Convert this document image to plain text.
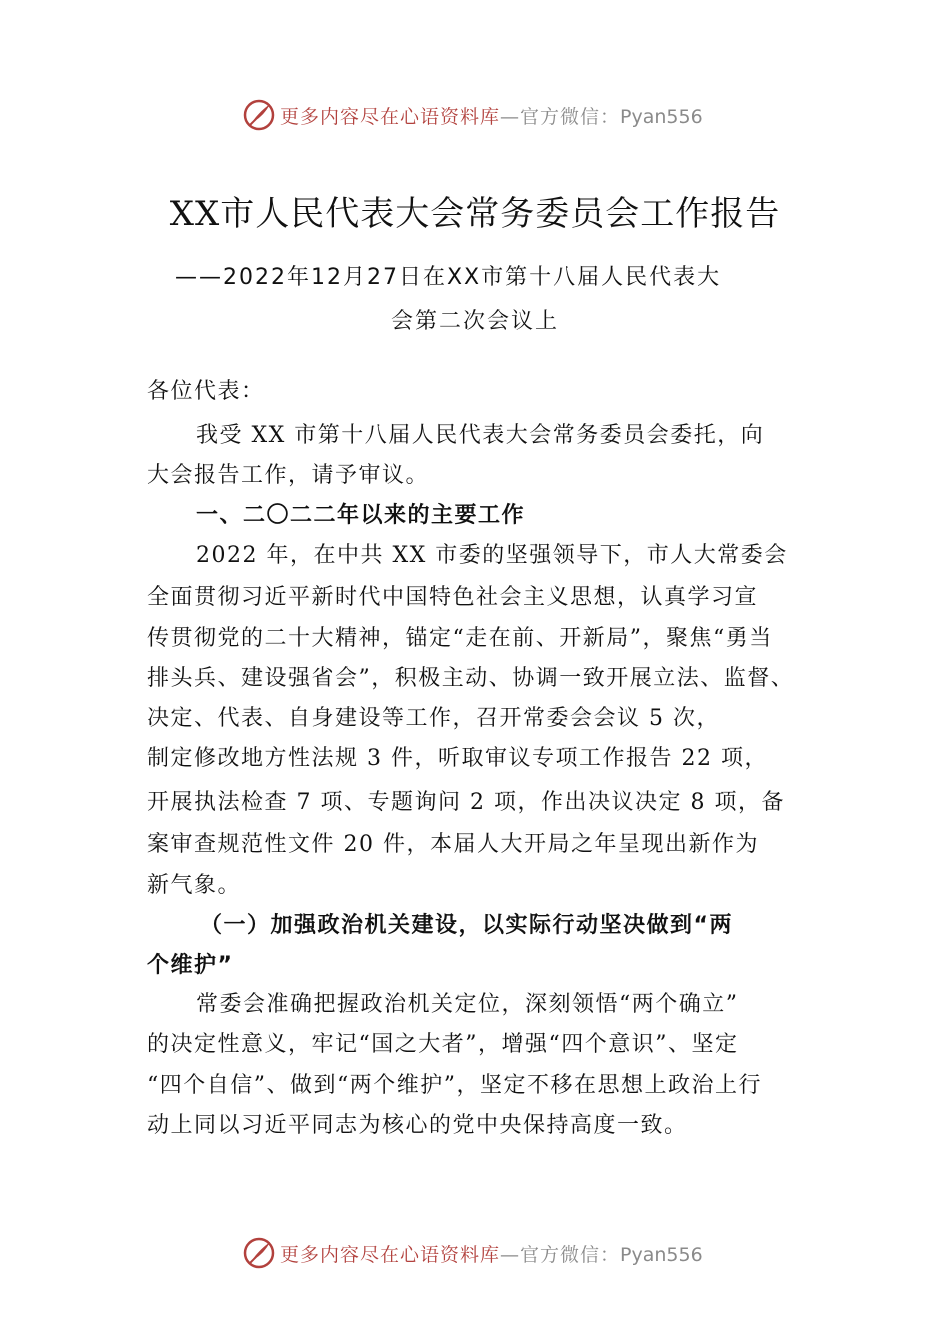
更多内容尽在心语资料库—官方微信：Pyan556
XX市人民代表大会常务委员会工作报告
——2022年12月27日在XX市第十八届人民代表大
会第二次会议上
各位代表：
我受 XX 市第十八届人民代表大会常务委员会委托，向
大会报告工作，请予审议。
一、二〇二二年以来的主要工作
2022 年，在中共 XX 市委的坚强领导下，市人大常委会
全面贯彻习近平新时代中国特色社会主义思想，认真学习宣
传贯彻党的二十大精神，锚定“走在前、开新局”，聚焦“勇当
排头兵、建设强省会”，积极主动、协调一致开展立法、监督、
决定、代表、自身建设等工作，召开常委会会议 5 次，
制定修改地方性法规 3 件，听取审议专项工作报告 22 项，
开展执法检查 7 项、专题询问 2 项，作出决议决定 8 项，备
案审查规范性文件 20 件，本届人大开局之年呈现出新作为
新气象。
（一）加强政治机关建设，以实际行动坚决做到“两
个维护”
常委会准确把握政治机关定位，深刻领悟“两个确立”
的决定性意义，牢记“国之大者”，增强“四个意识”、坚定
“四个自信”、做到“两个维护”，坚定不移在思想上政治上行
动上同以习近平同志为核心的党中央保持高度一致。
更多内容尽在心语资料库—官方微信：Pyan556
